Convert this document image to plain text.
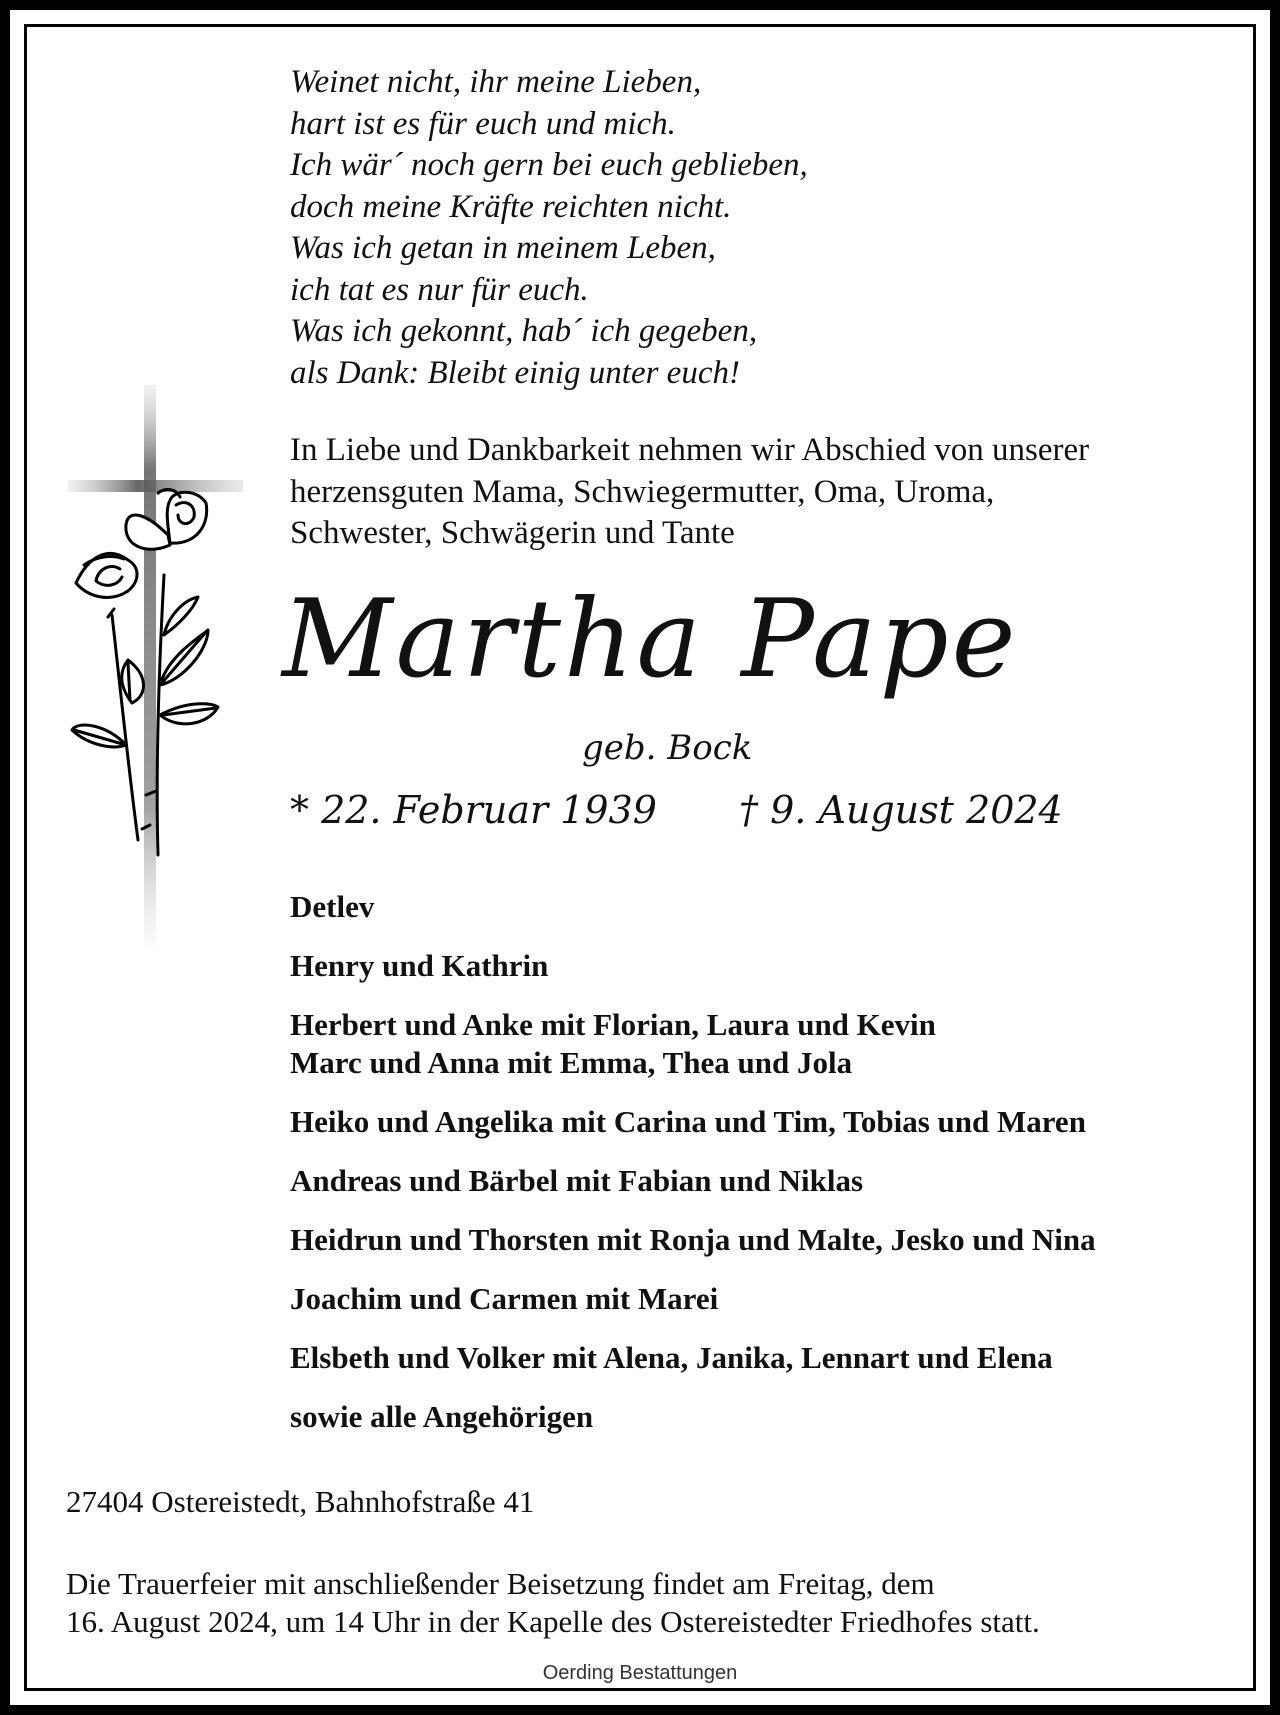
Weinet nicht, ihr meine Lieben,
hart ist es für euch und mich.
Ich wär´ noch gern bei euch geblieben,
doch meine Kräfte reichten nicht.
Was ich getan in meinem Leben,
ich tat es nur für euch.
Was ich gekonnt, hab´ ich gegeben,
als Dank: Bleibt einig unter euch!
In Liebe und Dankbarkeit nehmen wir Abschied von unserer
herzensguten Mama, Schwiegermutter, Oma, Uroma,
Schwester, Schwägerin und Tante
Martha Pape
geb. Bock
* 22. Februar 1939 † 9. August 2024
Detlev
Henry und Kathrin
Herbert und Anke mit Florian, Laura und Kevin
Marc und Anna mit Emma, Thea und Jola
Heiko und Angelika mit Carina und Tim, Tobias und Maren
Andreas und Bärbel mit Fabian und Niklas
Heidrun und Thorsten mit Ronja und Malte, Jesko und Nina
Joachim und Carmen mit Marei
Elsbeth und Volker mit Alena, Janika, Lennart und Elena
sowie alle Angehörigen
27404 Ostereistedt, Bahnhofstraße 41
Die Trauerfeier mit anschließender Beisetzung findet am Freitag, dem
16. August 2024, um 14 Uhr in der Kapelle des Ostereistedter Friedhofes statt.
Oerding Bestattungen
